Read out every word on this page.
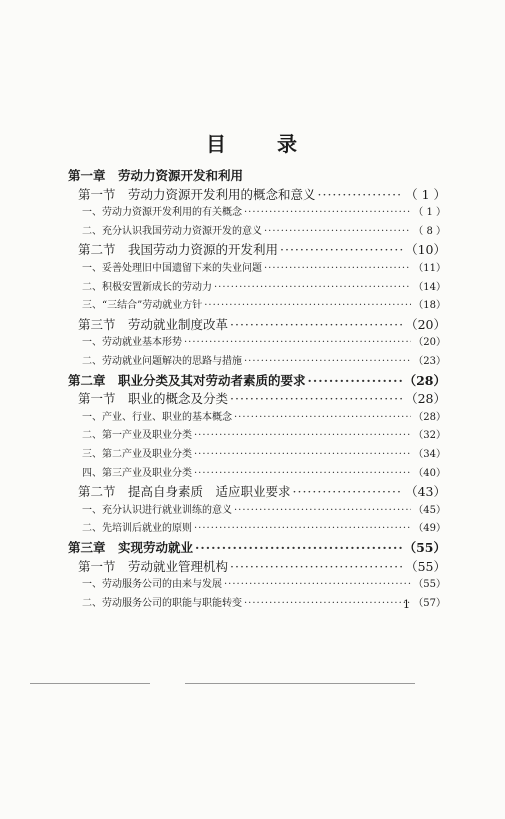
目 录
第一章　劳动力资源开发和利用
第一节　劳动力资源开发利用的概念和意义 ·····	（ 1 ）
一、劳动力资源开发利用的有关概念 ·····	（ 1 ）
二、充分认识我国劳动力资源开发的意义 ·····	（ 8 ）
第二节　我国劳动力资源的开发利用 ·····	（10）
一、妥善处理旧中国遗留下来的失业问题 ·····	（11）
二、积极安置新成长的劳动力 ·····	（14）
三、“三结合”劳动就业方针 ·····	（18）
第三节　劳动就业制度改革 ·····	（20）
一、劳动就业基本形势 ·····	（20）
二、劳动就业问题解决的思路与措施 ·····	（23）
第二章　职业分类及其对劳动者素质的要求 ·····	（28）
第一节　职业的概念及分类 ·····	（28）
一、产业、行业、职业的基本概念 ·····	（28）
二、第一产业及职业分类 ·····	（32）
三、第二产业及职业分类 ·····	（34）
四、第三产业及职业分类 ·····	（40）
第二节　提高自身素质　适应职业要求 ·····	（43）
一、充分认识进行就业训练的意义 ·····	（45）
二、先培训后就业的原则 ·····	（49）
第三章　实现劳动就业 ·····	（55）
第一节　劳动就业管理机构 ·····	（55）
一、劳动服务公司的由来与发展 ·····	（55）
二、劳动服务公司的职能与职能转变 ·····	（57）
1
